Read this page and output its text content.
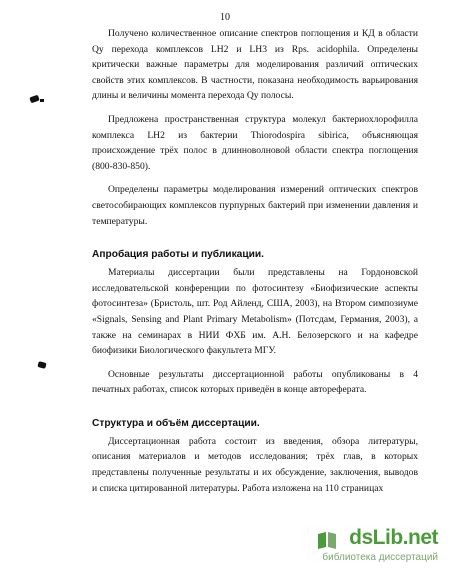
10

Получено количественное описание спектров поглощения и КД в области Qy перехода комплексов LH2 и LH3 из Rps. acidophila. Определены критически важные параметры для моделирования различий оптических свойств этих комплексов. В частности, показана необходимость варьирования длины и величины момента перехода Qy полосы.

Предложена пространственная структура молекул бактериохлорофилла комплекса LH2 из бактерии Thiorodospira sibirica, объясняющая происхождение трёх полос в длинноволновой области спектра поглощения (800-830-850).

Определены параметры моделирования измерений оптических спектров светособирающих комплексов пурпурных бактерий при изменении давления и температуры.

Апробация работы и публикации.

Материалы диссертации были представлены на Гордоновской исследовательской конференции по фотосинтезу «Биофизические аспекты фотосинтеза» (Бристоль, шт. Род Айленд, США, 2003), на Втором симпозиуме «Signals, Sensing and Plant Primary Metabolism» (Потсдам, Германия, 2003), а также на семинарах в НИИ ФХБ им. А.Н. Белозерского и на кафедре биофизики Биологического факультета МГУ.

Основные результаты диссертационной работы опубликованы в 4 печатных работах, список которых приведён в конце автореферата.

Структура и объём диссертации.

Диссертационная работа состоит из введения, обзора литературы, описания материалов и методов исследования; трёх глав, в которых представлены полученные результаты и их обсуждение, заключения, выводов и списка цитированной литературы. Работа изложена на 110 страницах

dsLib.net
библиотека диссертаций
